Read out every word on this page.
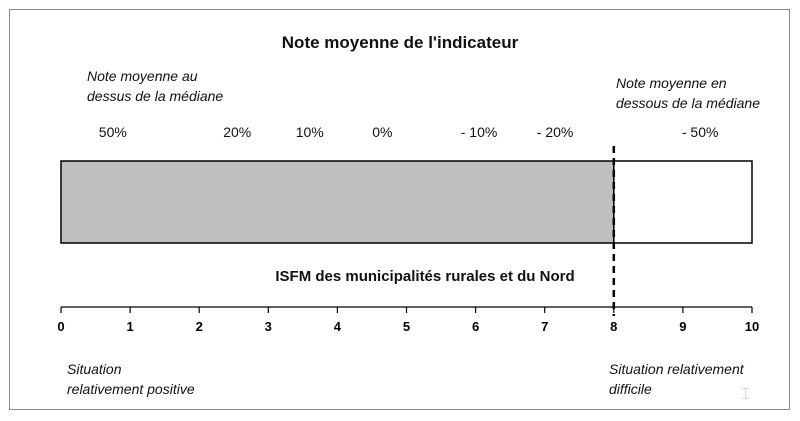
Note moyenne de l'indicateur
Note moyenne au
dessus de la médiane
Note moyenne en
dessous de la médiane
50%	20%	10%	0%	- 10%	- 20%	- 50%
0	1	2	3	4	5	6	7	8	9	10
ISFM des municipalités rurales et du Nord
Situation
relativement positive
Situation relativement
difficile	⌶
